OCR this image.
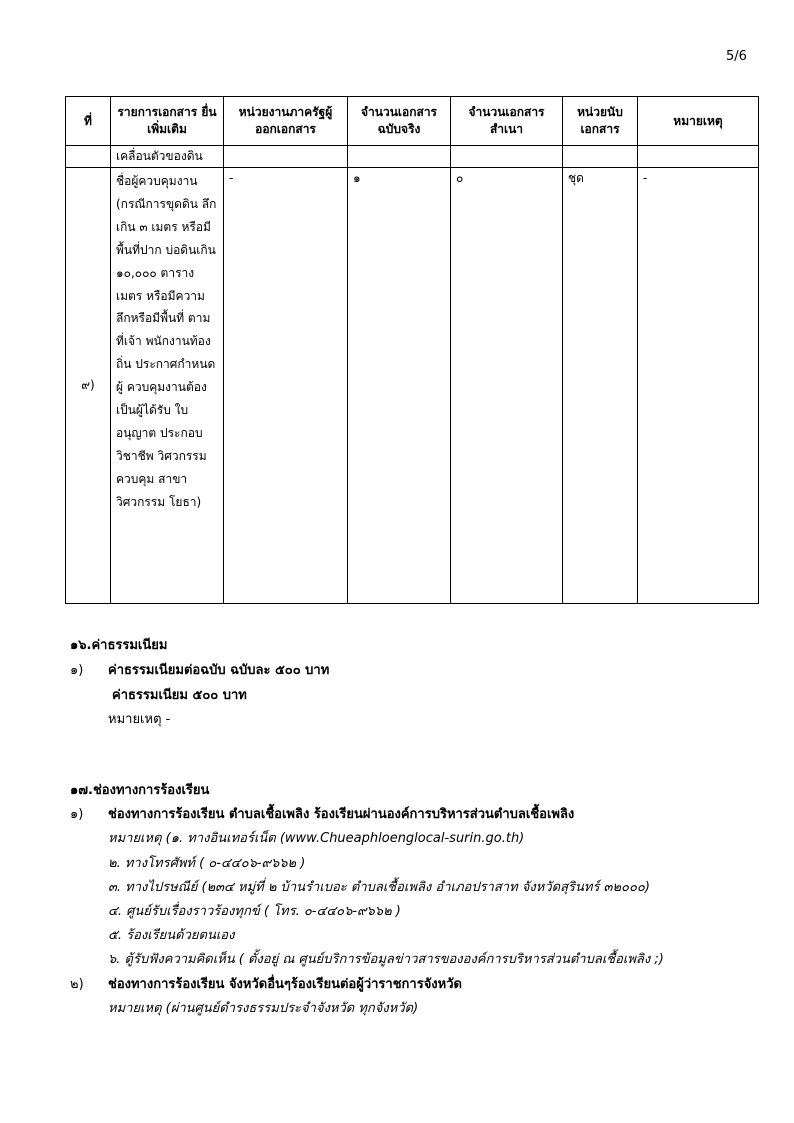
5/6
ที่	รายการเอกสาร ยื่นเพิ่มเติม	หน่วยงานภาครัฐผู้ ออกเอกสาร	จำนวนเอกสาร ฉบับจริง	จำนวนเอกสาร สำเนา	หน่วยนับ เอกสาร	หมายเหตุ
	เคลื่อนตัวของดิน					
๙)	ชื่อผู้ควบคุมงาน (กรณีการขุดดิน ลึกเกิน ๓ เมตร หรือมีพื้นที่ปาก บ่อดินเกิน ๑๐,๐๐๐ ตาราง เมตร หรือมีความ ลึกหรือมีพื้นที่ ตามที่เจ้า พนักงานท้องถิ่น ประกาศกำหนดผู้ ควบคุมงานต้อง เป็นผู้ได้รับ ใบอนุญาต ประกอบวิชาชีพ วิศวกรรมควบคุม สาขาวิศวกรรม โยธา)	-	๑	๐	ชุด	-
๑๖.ค่าธรรมเนียม
๑) ค่าธรรมเนียมต่อฉบับ ฉบับละ ๕๐๐ บาท
ค่าธรรมเนียม ๕๐๐ บาท
หมายเหตุ -
๑๗.ช่องทางการร้องเรียน
๑) ช่องทางการร้องเรียน ตำบลเชื้อเพลิง ร้องเรียนผ่านองค์การบริหารส่วนตำบลเชื้อเพลิง
หมายเหตุ (๑. ทางอินเทอร์เน็ต (www.Chueaphloenglocal-surin.go.th)
๒. ทางโทรศัพท์ ( ๐-๔๔๐๖-๙๖๖๒ )
๓. ทางไปรษณีย์ (๒๓๔ หมู่ที่ ๒ บ้านรำเบอะ ตำบลเชื้อเพลิง อำเภอปราสาท จังหวัดสุรินทร์ ๓๒๐๐๐)
๔. ศูนย์รับเรื่องราวร้องทุกข์ ( โทร. ๐-๔๔๐๖-๙๖๖๒ )
๕. ร้องเรียนด้วยตนเอง
๖. ตู้รับฟังความคิดเห็น ( ตั้งอยู่ ณ ศูนย์บริการข้อมูลข่าวสารขององค์การบริหารส่วนตำบลเชื้อเพลิง ;)
๒) ช่องทางการร้องเรียน จังหวัดอื่นๆร้องเรียนต่อผู้ว่าราชการจังหวัด
หมายเหตุ (ผ่านศูนย์ดำรงธรรมประจำจังหวัด ทุกจังหวัด)
